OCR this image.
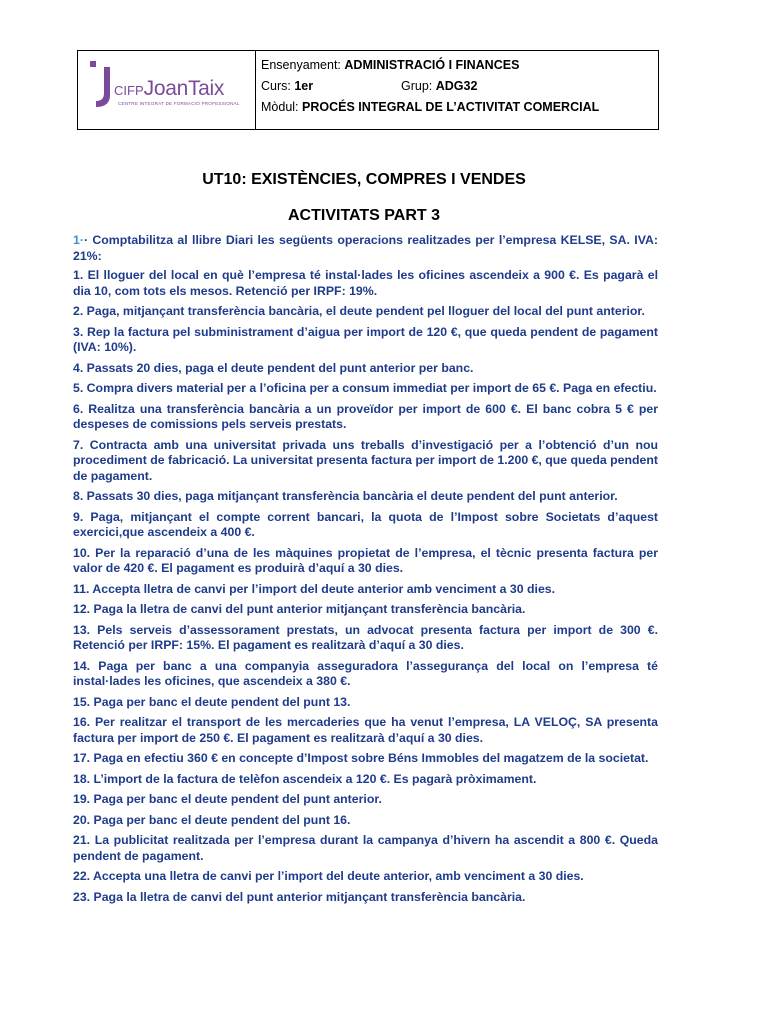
CIFPJoanTaix
CENTRE INTEGRAT DE FORMACIÓ PROFESSIONAL
Ensenyament: ADMINISTRACIÓ I FINANCES
Curs: 1er	Grup: ADG32
Mòdul: PROCÉS INTEGRAL DE L’ACTIVITAT COMERCIAL
UT10: EXISTÈNCIES, COMPRES I VENDES
ACTIVITATS PART 3

1·· Comptabilitza al llibre Diari les següents operacions realitzades per l’empresa KELSE, SA. IVA: 21%:

1. El lloguer del local en què l’empresa té instal·lades les oficines ascendeix a 900 €. Es pagarà el dia 10, com tots els mesos. Retenció per IRPF: 19%.

2. Paga, mitjançant transferència bancària, el deute pendent pel lloguer del local del punt anterior.

3. Rep la factura pel subministrament d’aigua per import de 120 €, que queda pendent de pagament (IVA: 10%).

4. Passats 20 dies, paga el deute pendent del punt anterior per banc.

5. Compra divers material per a l’oficina per a consum immediat per import de 65 €. Paga en efectiu.

6. Realitza una transferència bancària a un proveïdor per import de 600 €. El banc cobra 5 € per despeses de comissions pels serveis prestats.

7. Contracta amb una universitat privada uns treballs d’investigació per a l’obtenció d’un nou procediment de fabricació. La universitat presenta factura per import de 1.200 €, que queda pendent de pagament.

8. Passats 30 dies, paga mitjançant transferència bancària el deute pendent del punt anterior.

9. Paga, mitjançant el compte corrent bancari, la quota de l’Impost sobre Societats d’aquest exercici,que ascendeix a 400 €.

10. Per la reparació d’una de les màquines propietat de l’empresa, el tècnic presenta factura per valor de 420 €. El pagament es produirà d’aquí a 30 dies.

11. Accepta lletra de canvi per l’import del deute anterior amb venciment a 30 dies.

12. Paga la lletra de canvi del punt anterior mitjançant transferència bancària.

13. Pels serveis d’assessorament prestats, un advocat presenta factura per import de 300 €. Retenció per IRPF: 15%. El pagament es realitzarà d’aquí a 30 dies.

14. Paga per banc a una companyia asseguradora l’assegurança del local on l’empresa té instal·lades les oficines, que ascendeix a 380 €.

15. Paga per banc el deute pendent del punt 13.

16. Per realitzar el transport de les mercaderies que ha venut l’empresa, LA VELOÇ, SA presenta factura per import de 250 €. El pagament es realitzarà d’aquí a 30 dies.

17. Paga en efectiu 360 € en concepte d’Impost sobre Béns Immobles del magatzem de la societat.

18. L’import de la factura de telèfon ascendeix a 120 €. Es pagarà pròximament.

19. Paga per banc el deute pendent del punt anterior.

20. Paga per banc el deute pendent del punt 16.

21. La publicitat realitzada per l’empresa durant la campanya d’hivern ha ascendit a 800 €. Queda pendent de pagament.

22. Accepta una lletra de canvi per l’import del deute anterior, amb venciment a 30 dies.

23. Paga la lletra de canvi del punt anterior mitjançant transferència bancària.
